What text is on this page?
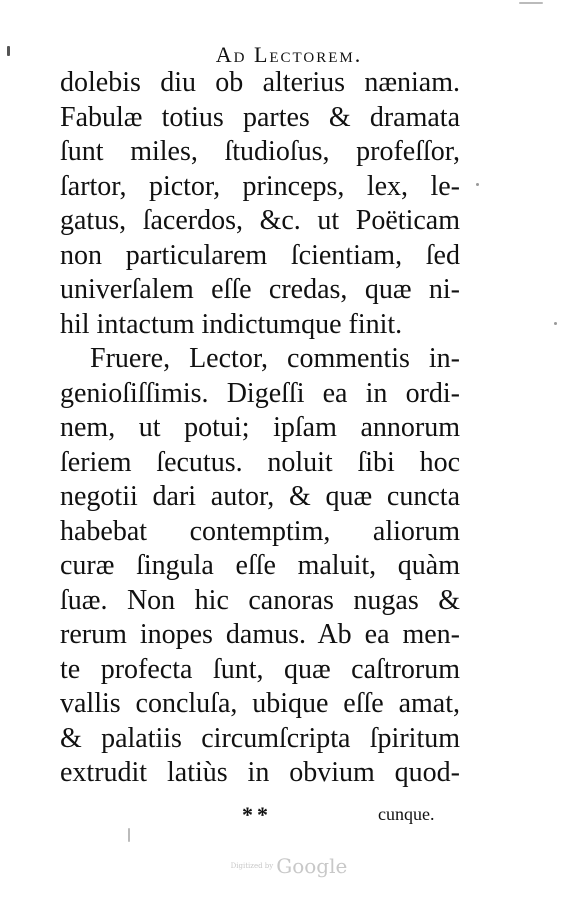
Ad Lectorem.
dolebis diu ob alterius næniam.
Fabulæ totius partes & dramata
ſunt miles, ſtudioſus, profeſſor,
ſartor, pictor, princeps, lex, le-
gatus, ſacerdos, &c. ut Poëticam
non particularem ſcientiam, ſed
univerſalem eſſe credas, quæ ni-
hil intactum indictumque finit.
Fruere, Lector, commentis in-
genioſiſſimis. Digeſſi ea in ordi-
nem, ut potui; ipſam annorum
ſeriem ſecutus. noluit ſibi hoc
negotii dari autor, & quæ cuncta
habebat contemptim, aliorum
curæ ſingula eſſe maluit, quàm
ſuæ. Non hic canoras nugas &
rerum inopes damus. Ab ea men-
te profecta ſunt, quæ caſtrorum
vallis concluſa, ubique eſſe amat,
& palatiis circumſcripta ſpiritum
extrudit latiùs in obvium quod-
**	cunque.
Digitized by Google
